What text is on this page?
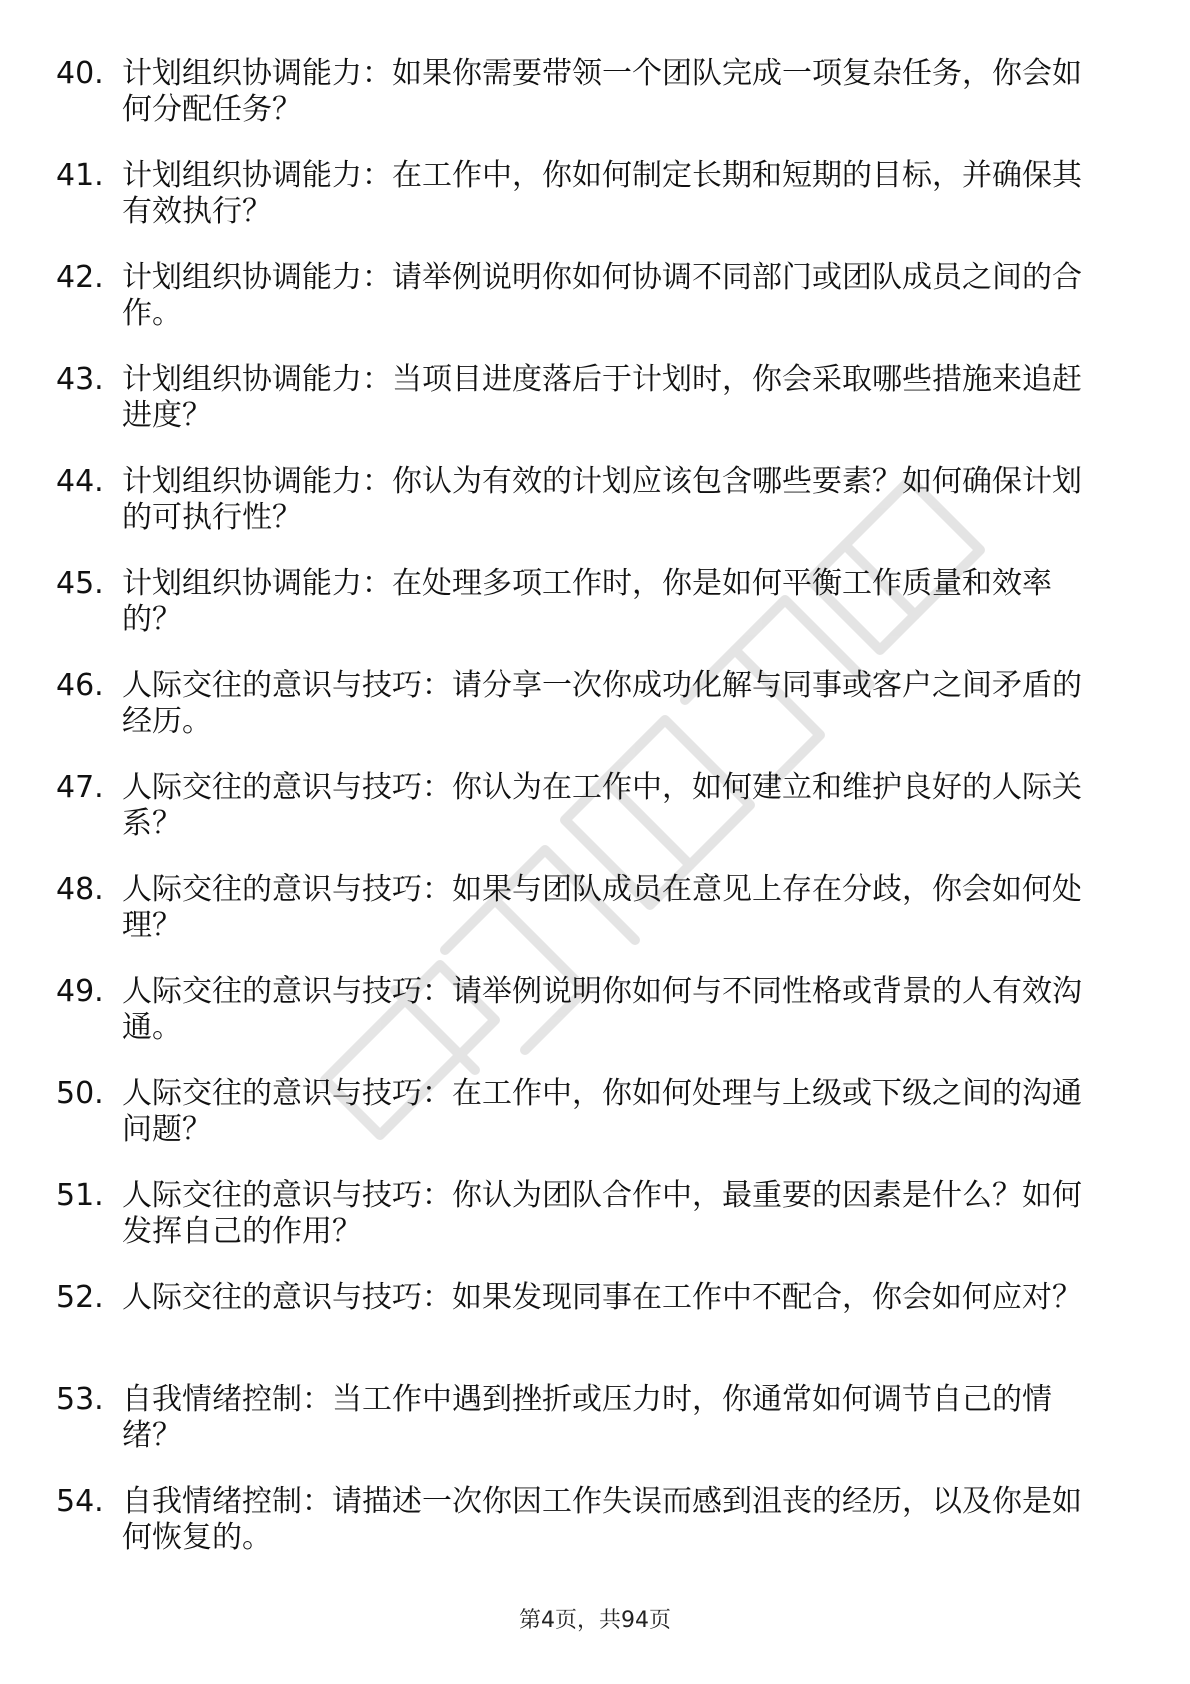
40. 计划组织协调能力：如果你需要带领一个团队完成一项复杂任务，你会如何分配任务？
41. 计划组织协调能力：在工作中，你如何制定长期和短期的目标，并确保其有效执行？
42. 计划组织协调能力：请举例说明你如何协调不同部门或团队成员之间的合作。
43. 计划组织协调能力：当项目进度落后于计划时，你会采取哪些措施来追赶进度？
44. 计划组织协调能力：你认为有效的计划应该包含哪些要素？如何确保计划的可执行性？
45. 计划组织协调能力：在处理多项工作时，你是如何平衡工作质量和效率的？
46. 人际交往的意识与技巧：请分享一次你成功化解与同事或客户之间矛盾的经历。
47. 人际交往的意识与技巧：你认为在工作中，如何建立和维护良好的人际关系？
48. 人际交往的意识与技巧：如果与团队成员在意见上存在分歧，你会如何处理？
49. 人际交往的意识与技巧：请举例说明你如何与不同性格或背景的人有效沟通。
50. 人际交往的意识与技巧：在工作中，你如何处理与上级或下级之间的沟通问题？
51. 人际交往的意识与技巧：你认为团队合作中，最重要的因素是什么？如何发挥自己的作用？
52. 人际交往的意识与技巧：如果发现同事在工作中不配合，你会如何应对？
53. 自我情绪控制：当工作中遇到挫折或压力时，你通常如何调节自己的情绪？
54. 自我情绪控制：请描述一次你因工作失误而感到沮丧的经历，以及你是如何恢复的。
第4页，共94页
